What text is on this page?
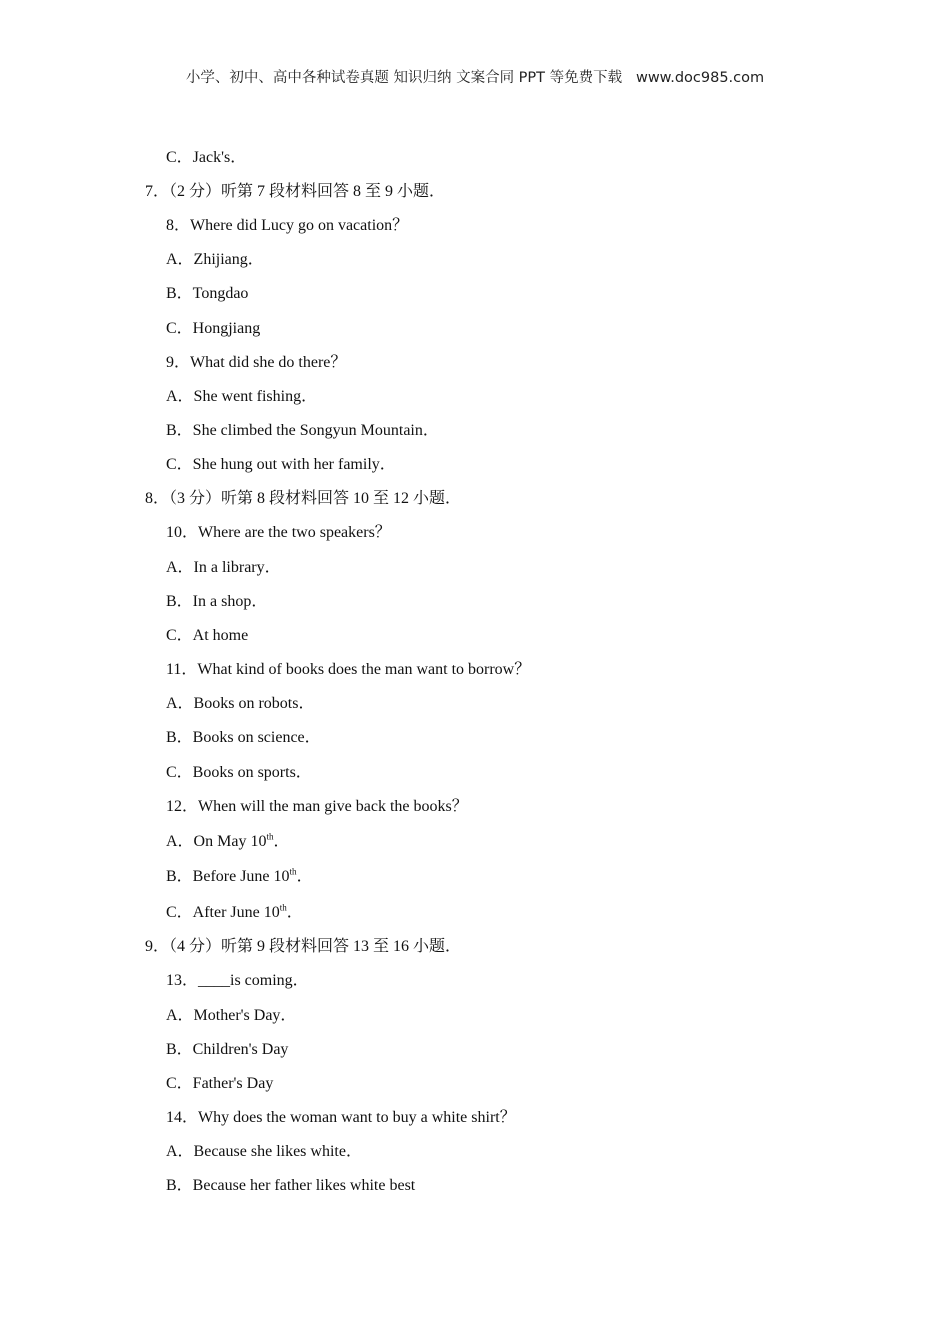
小学、初中、高中各种试卷真题 知识归纳 文案合同 PPT 等免费下载   www.doc985.com
C．Jack's．
7．（2 分）听第 7 段材料回答 8 至 9 小题．
8．Where did Lucy go on vacation？
A．Zhijiang．
B．Tongdao
C．Hongjiang
9．What did she do there？
A．She went fishing．
B．She climbed the Songyun Mountain．
C．She hung out with her family．
8．（3 分）听第 8 段材料回答 10 至 12 小题．
10．Where are the two speakers？
A．In a library．
B．In a shop．
C．At home
11．What kind of books does the man want to borrow？
A．Books on robots．
B．Books on science．
C．Books on sports．
12．When will the man give back the books？
A．On May 10th．
B．Before June 10th．
C．After June 10th．
9．（4 分）听第 9 段材料回答 13 至 16 小题．
13．____is coming．
A．Mother's Day．
B．Children's Day
C．Father's Day
14．Why does the woman want to buy a white shirt？
A．Because she likes white．
B．Because her father likes white best
